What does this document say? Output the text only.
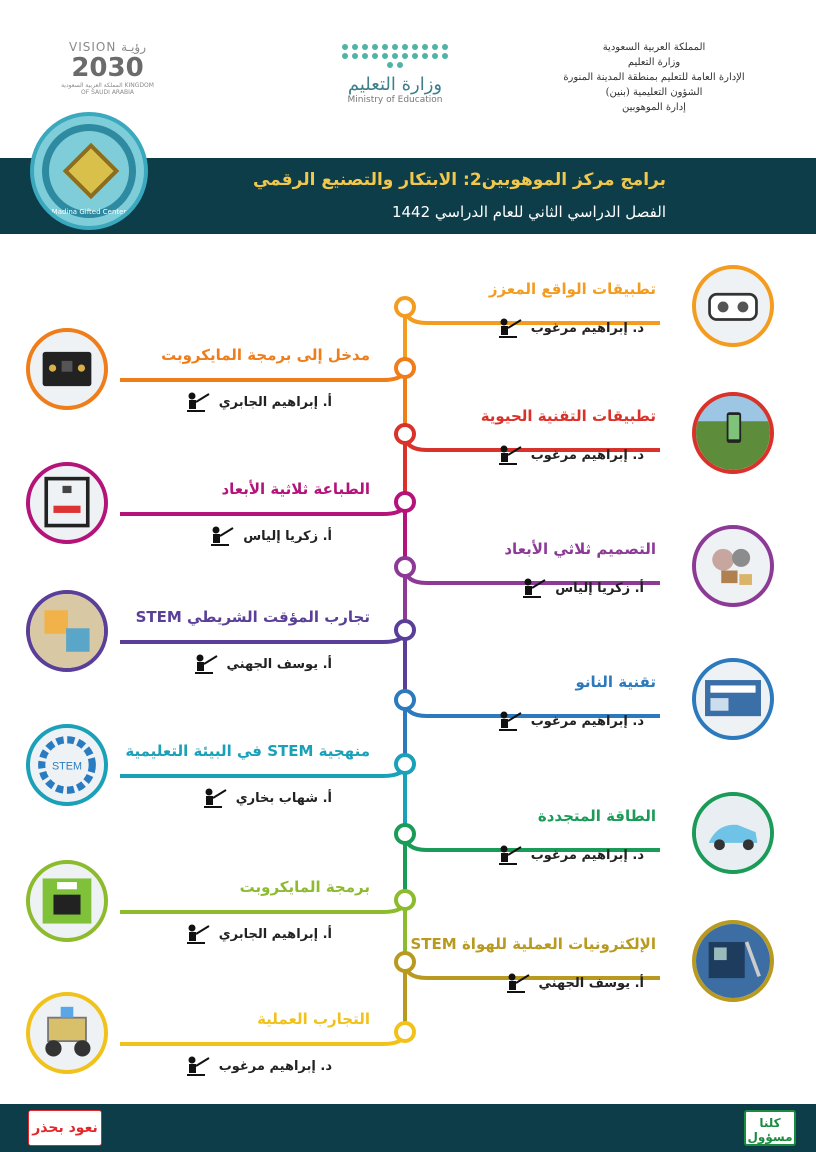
المملكة العربية السعودية
وزارة التعليم
الإدارة العامة للتعليم بمنطقة المدينة المنورة
الشؤون التعليمية (بنين)
إدارة الموهوبين
وزارة التعليم
Ministry of Education
VISION رؤيـة
2030
المملكة العربية السعودية KINGDOM OF SAUDI ARABIA
برامج مركز الموهوبين2: الابتكار والتصنيع الرقمي
الفصل الدراسي الثاني للعام الدراسي 1442
Madina Gifted Center
تطبيقات الواقع المعزز
د. إبراهيم مرغوب
مدخل إلى برمجة المايكروبت
أ. إبراهيم الجابري
تطبيقات التقنية الحيوية
د. إبراهيم مرغوب
الطباعة ثلاثية الأبعاد
أ. زكريا إلياس
التصميم ثلاثي الأبعاد
أ. زكريا إلياس
تجارب المؤقت الشريطي STEM
أ. يوسف الجهني
تقنية النانو
د. إبراهيم مرغوب
منهجية STEM في البيئة التعليمية
أ. شهاب بخاري
STEM
الطاقة المتجددة
د. إبراهيم مرغوب
برمجة المايكروبت
أ. إبراهيم الجابري
الإلكترونيات العملية للهواة STEM
أ. يوسف الجهني
التجارب العملية
د. إبراهيم مرغوب
نعود بحذر	كلنا
مسؤول
